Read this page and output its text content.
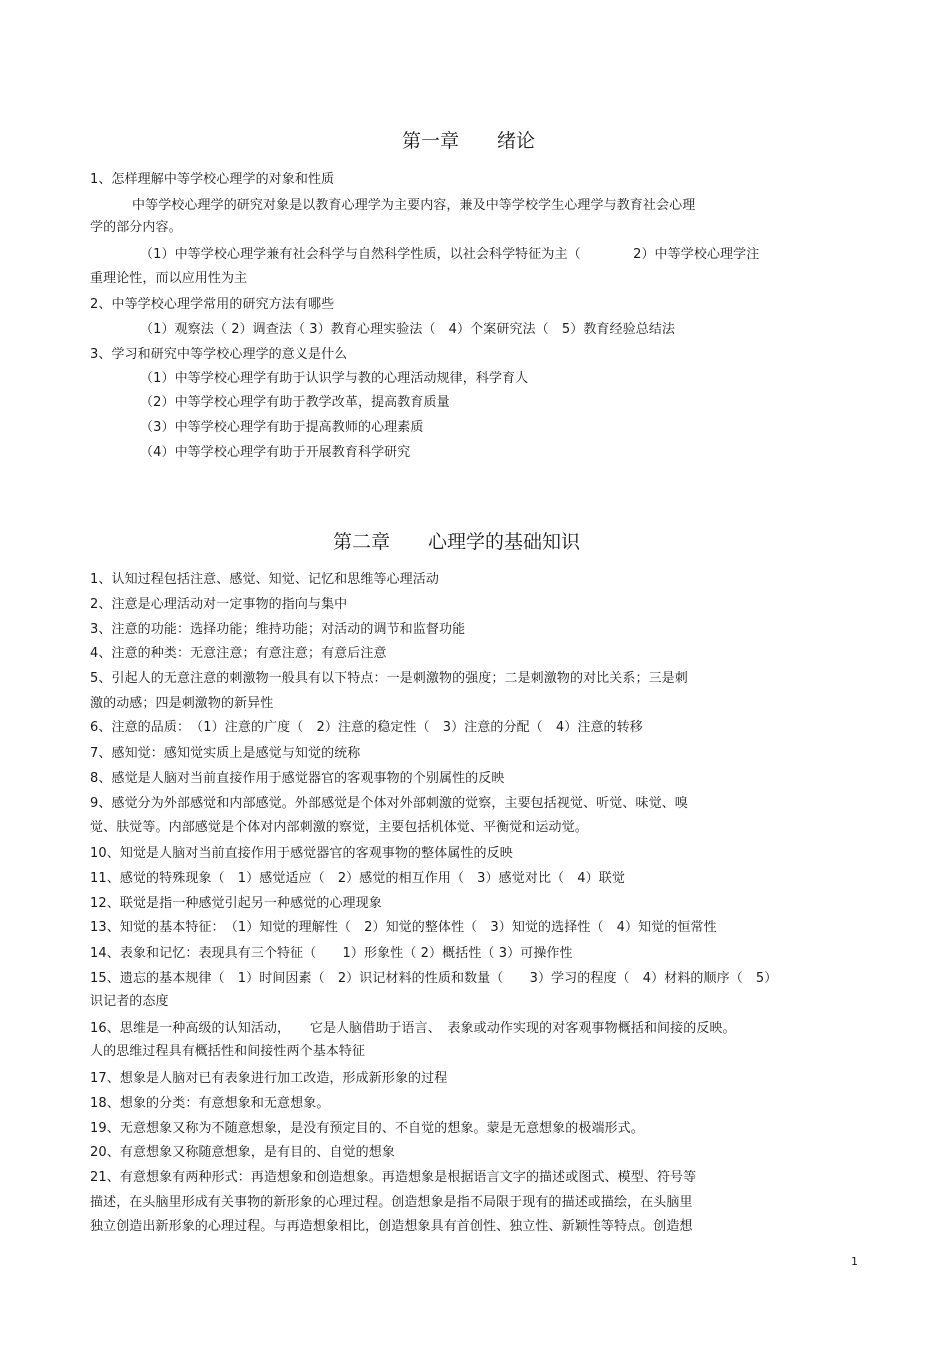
第一章　　绪论
1、怎样理解中等学校心理学的对象和性质
中等学校心理学的研究对象是以教育心理学为主要内容，兼及中等学校学生心理学与教育社会心理
学的部分内容。
（1）中等学校心理学兼有社会科学与自然科学性质，以社会科学特征为主（　　　　2）中等学校心理学注
重理论性，而以应用性为主
2、中等学校心理学常用的研究方法有哪些
（1）观察法（ 2）调查法（ 3）教育心理实验法（　4）个案研究法（　5）教育经验总结法
3、学习和研究中等学校心理学的意义是什么
（1）中等学校心理学有助于认识学与教的心理活动规律，科学育人
（2）中等学校心理学有助于教学改革，提高教育质量
（3）中等学校心理学有助于提高教师的心理素质
（4）中等学校心理学有助于开展教育科学研究
第二章　　心理学的基础知识
1、认知过程包括注意、感觉、知觉、记忆和思维等心理活动
2、注意是心理活动对一定事物的指向与集中
3、注意的功能：选择功能；维持功能；对活动的调节和监督功能
4、注意的种类：无意注意；有意注意；有意后注意
5、引起人的无意注意的刺激物一般具有以下特点：一是刺激物的强度；二是刺激物的对比关系；三是刺
激的动感；四是刺激物的新异性
6、注意的品质：　（1）注意的广度（　2）注意的稳定性（　3）注意的分配（　4）注意的转移
7、感知觉：感知觉实质上是感觉与知觉的统称
8、感觉是人脑对当前直接作用于感觉器官的客观事物的个别属性的反映
9、感觉分为外部感觉和内部感觉。外部感觉是个体对外部刺激的觉察，主要包括视觉、听觉、味觉、嗅
觉、肤觉等。内部感觉是个体对内部刺激的察觉，主要包括机体觉、平衡觉和运动觉。
10、知觉是人脑对当前直接作用于感觉器官的客观事物的整体属性的反映
11、感觉的特殊现象（　1）感觉适应（　2）感觉的相互作用（　3）感觉对比（　4）联觉
12、联觉是指一种感觉引起另一种感觉的心理现象
13、知觉的基本特征：　（1）知觉的理解性（　2）知觉的整体性（　3）知觉的选择性（　4）知觉的恒常性
14、表象和记忆：表现具有三个特征（　　1）形象性（ 2）概括性（ 3）可操作性
15、遗忘的基本规律（　1）时间因素（　2）识记材料的性质和数量（　　3）学习的程度（　4）材料的顺序（　5）
识记者的态度
16、思维是一种高级的认知活动，　　它是人脑借助于语言、　表象或动作实现的对客观事物概括和间接的反映。
人的思维过程具有概括性和间接性两个基本特征
17、想象是人脑对已有表象进行加工改造，形成新形象的过程
18、想象的分类：有意想象和无意想象。
19、无意想象又称为不随意想象，是没有预定目的、不自觉的想象。蒙是无意想象的极端形式。
20、有意想象又称随意想象，是有目的、自觉的想象
21、有意想象有两种形式：再造想象和创造想象。再造想象是根据语言文字的描述或图式、模型、符号等
描述，在头脑里形成有关事物的新形象的心理过程。创造想象是指不局限于现有的描述或描绘，在头脑里
独立创造出新形象的心理过程。与再造想象相比，创造想象具有首创性、独立性、新颖性等特点。创造想
1
